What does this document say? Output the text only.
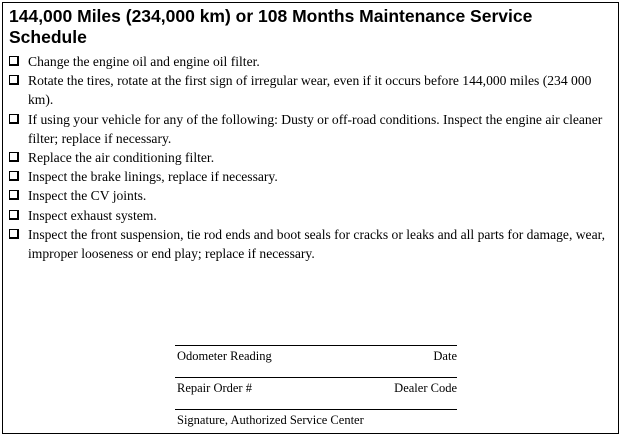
144,000 Miles (234,000 km) or 108 Months Maintenance Service Schedule
Change the engine oil and engine oil filter.
Rotate the tires, rotate at the first sign of irregular wear, even if it occurs before 144,000 miles (234 000 km).
If using your vehicle for any of the following: Dusty or off-road conditions. Inspect the engine air cleaner filter; replace if necessary.
Replace the air conditioning filter.
Inspect the brake linings, replace if necessary.
Inspect the CV joints.
Inspect exhaust system.
Inspect the front suspension, tie rod ends and boot seals for cracks or leaks and all parts for damage, wear, improper looseness or end play; replace if necessary.
Odometer Reading	Date
Repair Order #	Dealer Code
Signature, Authorized Service Center
